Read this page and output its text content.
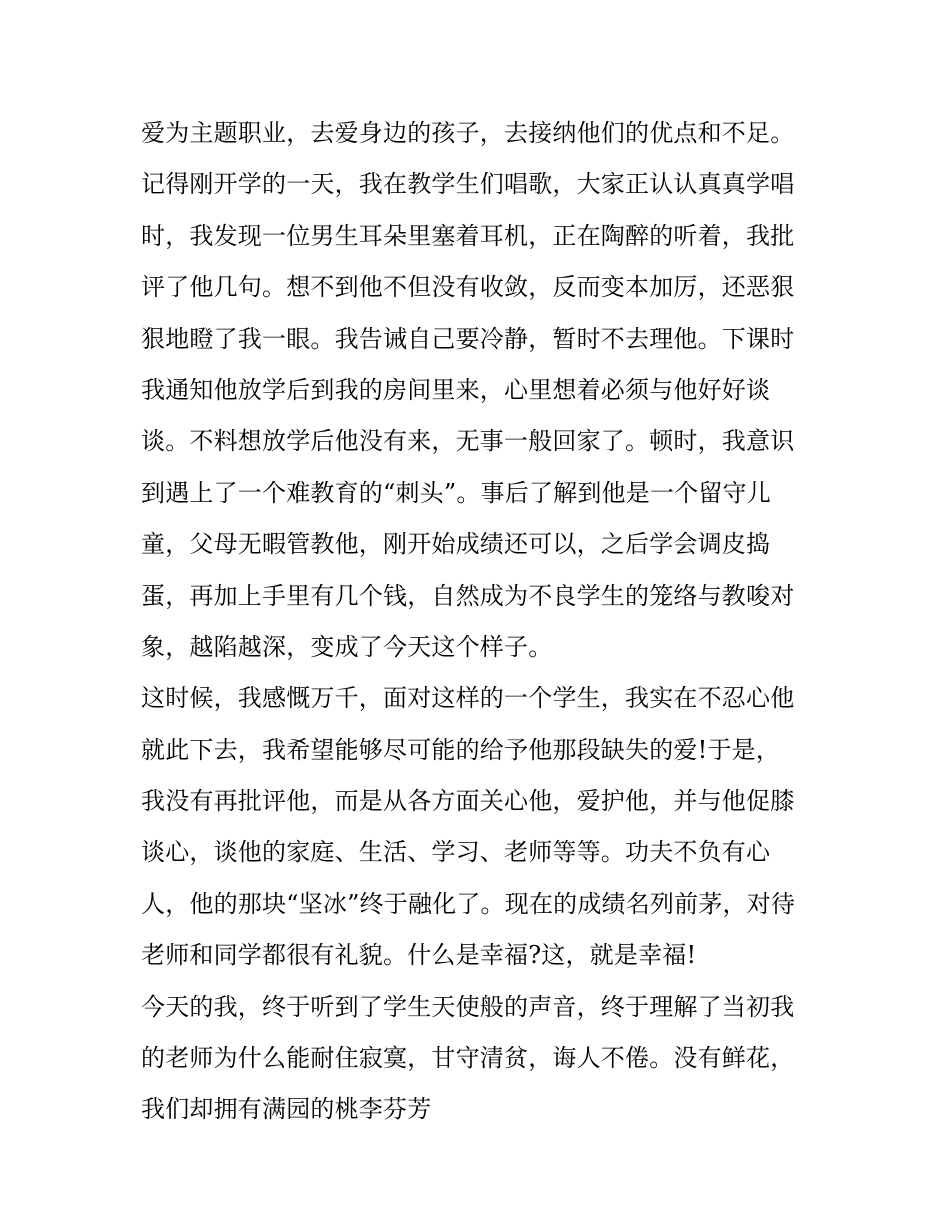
爱为主题职业，去爱身边的孩子，去接纳他们的优点和不足。
记得刚开学的一天，我在教学生们唱歌，大家正认认真真学唱
时，我发现一位男生耳朵里塞着耳机，正在陶醉的听着，我批
评了他几句。想不到他不但没有收敛，反而变本加厉，还恶狠
狠地瞪了我一眼。我告诫自己要冷静，暂时不去理他。下课时
我通知他放学后到我的房间里来，心里想着必须与他好好谈
谈。不料想放学后他没有来，无事一般回家了。顿时，我意识
到遇上了一个难教育的“刺头”。事后了解到他是一个留守儿
童，父母无暇管教他，刚开始成绩还可以，之后学会调皮捣
蛋，再加上手里有几个钱，自然成为不良学生的笼络与教唆对
象，越陷越深，变成了今天这个样子。
这时候，我感慨万千，面对这样的一个学生，我实在不忍心他
就此下去，我希望能够尽可能的给予他那段缺失的爱!于是，
我没有再批评他，而是从各方面关心他，爱护他，并与他促膝
谈心，谈他的家庭、生活、学习、老师等等。功夫不负有心
人，他的那块“坚冰”终于融化了。现在的成绩名列前茅，对待
老师和同学都很有礼貌。什么是幸福?这，就是幸福!
今天的我，终于听到了学生天使般的声音，终于理解了当初我
的老师为什么能耐住寂寞，甘守清贫，诲人不倦。没有鲜花，
我们却拥有满园的桃李芬芳
